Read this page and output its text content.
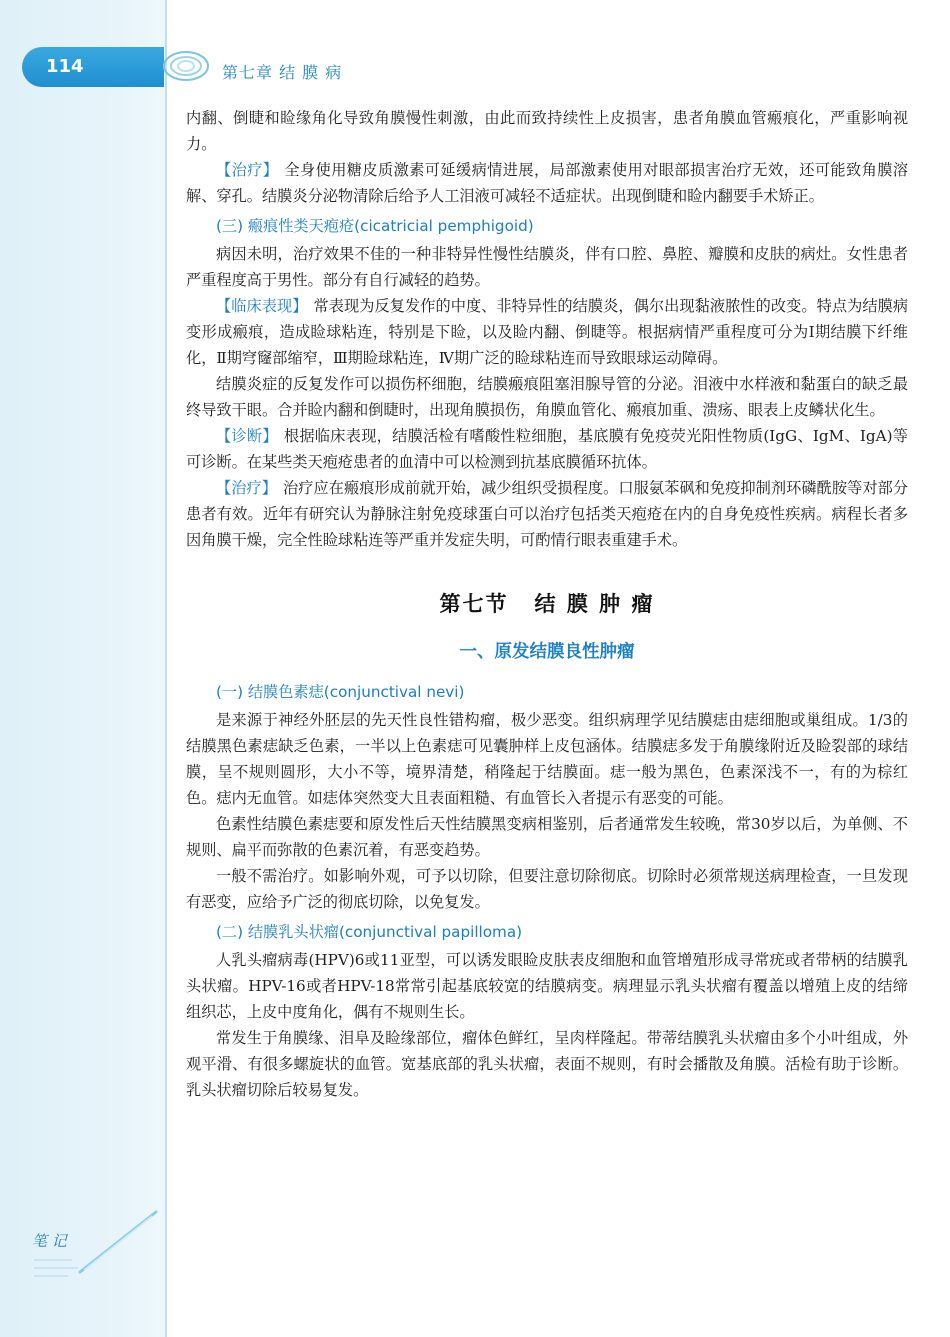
114	第七章 结 膜 病

内翻、倒睫和睑缘角化导致角膜慢性刺激，由此而致持续性上皮损害，患者角膜血管瘢痕化，严重影响视力。

【治疗】 全身使用糖皮质激素可延缓病情进展，局部激素使用对眼部损害治疗无效，还可能致角膜溶解、穿孔。结膜炎分泌物清除后给予人工泪液可减轻不适症状。出现倒睫和睑内翻要手术矫正。

(三) 瘢痕性类天疱疮(cicatricial pemphigoid)

病因未明，治疗效果不佳的一种非特异性慢性结膜炎，伴有口腔、鼻腔、瓣膜和皮肤的病灶。女性患者严重程度高于男性。部分有自行减轻的趋势。

【临床表现】 常表现为反复发作的中度、非特异性的结膜炎，偶尔出现黏液脓性的改变。特点为结膜病变形成瘢痕，造成睑球粘连，特别是下睑，以及睑内翻、倒睫等。根据病情严重程度可分为Ⅰ期结膜下纤维化，Ⅱ期穹窿部缩窄，Ⅲ期睑球粘连，Ⅳ期广泛的睑球粘连而导致眼球运动障碍。

结膜炎症的反复发作可以损伤杯细胞，结膜瘢痕阻塞泪腺导管的分泌。泪液中水样液和黏蛋白的缺乏最终导致干眼。合并睑内翻和倒睫时，出现角膜损伤，角膜血管化、瘢痕加重、溃疡、眼表上皮鳞状化生。

【诊断】 根据临床表现，结膜活检有嗜酸性粒细胞，基底膜有免疫荧光阳性物质(IgG、IgM、IgA)等可诊断。在某些类天疱疮患者的血清中可以检测到抗基底膜循环抗体。

【治疗】 治疗应在瘢痕形成前就开始，减少组织受损程度。口服氨苯砜和免疫抑制剂环磷酰胺等对部分患者有效。近年有研究认为静脉注射免疫球蛋白可以治疗包括类天疱疮在内的自身免疫性疾病。病程长者多因角膜干燥，完全性睑球粘连等严重并发症失明，可酌情行眼表重建手术。

第七节 结 膜 肿 瘤
一、原发结膜良性肿瘤
(一) 结膜色素痣(conjunctival nevi)

是来源于神经外胚层的先天性良性错构瘤，极少恶变。组织病理学见结膜痣由痣细胞或巢组成。1/3的结膜黑色素痣缺乏色素，一半以上色素痣可见囊肿样上皮包涵体。结膜痣多发于角膜缘附近及睑裂部的球结膜，呈不规则圆形，大小不等，境界清楚，稍隆起于结膜面。痣一般为黑色，色素深浅不一，有的为棕红色。痣内无血管。如痣体突然变大且表面粗糙、有血管长入者提示有恶变的可能。

色素性结膜色素痣要和原发性后天性结膜黑变病相鉴别，后者通常发生较晚，常30岁以后，为单侧、不规则、扁平而弥散的色素沉着，有恶变趋势。

一般不需治疗。如影响外观，可予以切除，但要注意切除彻底。切除时必须常规送病理检查，一旦发现有恶变，应给予广泛的彻底切除，以免复发。

(二) 结膜乳头状瘤(conjunctival papilloma)

人乳头瘤病毒(HPV)6或11亚型，可以诱发眼睑皮肤表皮细胞和血管增殖形成寻常疣或者带柄的结膜乳头状瘤。HPV-16或者HPV-18常常引起基底较宽的结膜病变。病理显示乳头状瘤有覆盖以增殖上皮的结缔组织芯，上皮中度角化，偶有不规则生长。

常发生于角膜缘、泪阜及睑缘部位，瘤体色鲜红，呈肉样隆起。带蒂结膜乳头状瘤由多个小叶组成，外观平滑、有很多螺旋状的血管。宽基底部的乳头状瘤，表面不规则，有时会播散及角膜。活检有助于诊断。乳头状瘤切除后较易复发。

笔 记
